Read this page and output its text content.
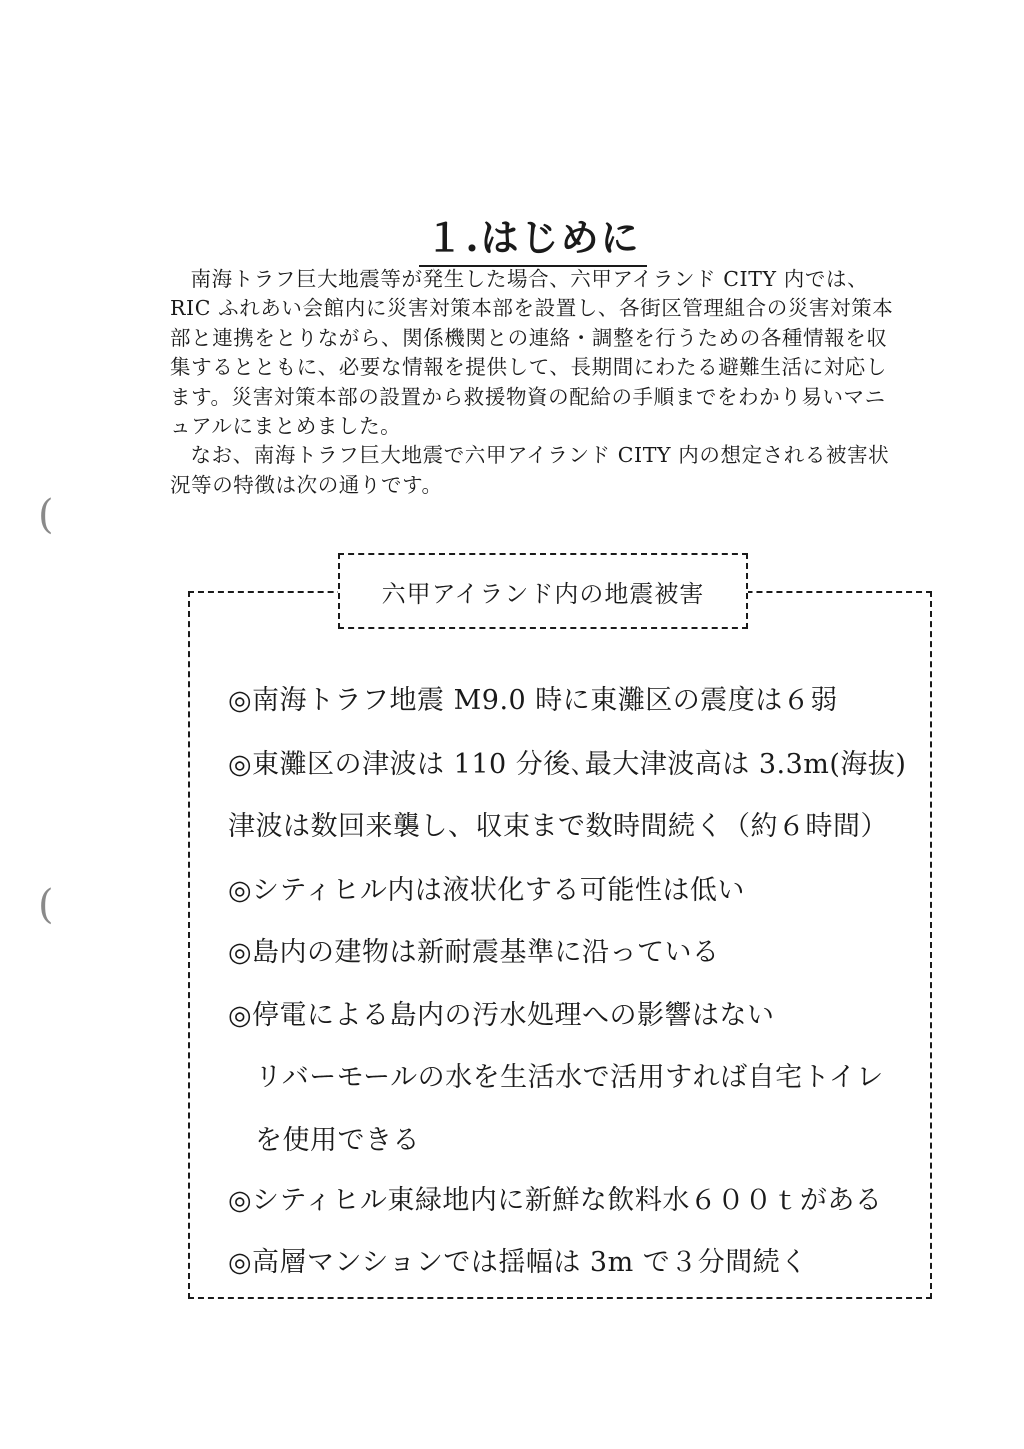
１.はじめに

南海トラフ巨大地震等が発生した場合、六甲アイランド CITY 内では、RIC ふれあい会館内に災害対策本部を設置し、各街区管理組合の災害対策本部と連携をとりながら、関係機関との連絡・調整を行うための各種情報を収集するとともに、必要な情報を提供して、長期間にわたる避難生活に対応します。災害対策本部の設置から救援物資の配給の手順までをわかり易いマニュアルにまとめました。

なお、南海トラフ巨大地震で六甲アイランド CITY 内の想定される被害状況等の特徴は次の通りです。

(
(
六甲アイランド内の地震被害
◎南海トラフ地震 M9.0 時に東灘区の震度は６弱
◎東灘区の津波は 110 分後､最大津波高は 3.3m(海抜)
津波は数回来襲し、収束まで数時間続く（約６時間）
◎シティヒル内は液状化する可能性は低い
◎島内の建物は新耐震基準に沿っている
◎停電による島内の汚水処理への影響はない
リバーモールの水を生活水で活用すれば自宅トイレ
を使用できる
◎シティヒル東緑地内に新鮮な飲料水６００ｔがある
◎高層マンションでは揺幅は 3m で３分間続く
